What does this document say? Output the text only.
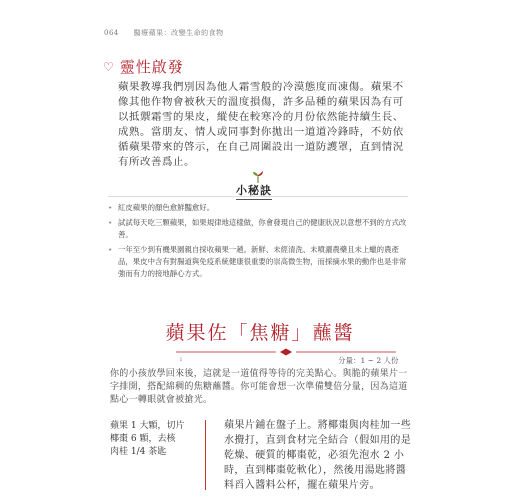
064 醫療蘋果：改變生命的食物
♡ 靈性啟發
蘋果教導我們別因為他人霜雪般的冷漠態度而凍傷。蘋果不像其他作物會被秋天的溫度損傷，許多品種的蘋果因為有可以抵禦霜雪的果皮，縱使在較寒冷的月份依然能持續生長、成熟。當朋友、情人或同事對你拋出一道道冷鋒時，不妨依循蘋果帶來的啓示，在自己周圍設出一道防護罩，直到情況有所改善爲止。
小秘訣
• 紅皮蘋果的顏色愈鮮豔愈好。
• 試試每天吃三顆蘋果，如果規律地這樣做，你會發現自己的健康狀況以意想不到的方式改善。
• 一年至少到有機果園親自採收蘋果一趟。新鮮、未經清洗、未噴灑農藥且未上蠟的農產品，果皮中含有對腸道與免疫系統健康很重要的崇高微生物，而採摘水果的動作也是非常強而有力的接地靜心方式。
蘋果佐「焦糖」蘸醬
ı	分量：1 ~ 2 人份
你的小孩放學回來後，這就是一道值得等待的完美點心。與脆的蘋果片一字排開，搭配綿稠的焦糖蘸醬。你可能會想一次準備雙倍分量，因為這道點心一轉眼就會被搶光。
蘋果 1 大顆，切片
椰棗 6 顆，去核
肉桂 1/4 茶匙
蘋果片鋪在盤子上。將椰棗與肉桂加一些水攪打，直到食材完全結合（假如用的是乾燥、硬質的椰棗乾，必須先泡水 2 小時，直到椰棗乾軟化），然後用湯匙將醬料舀入醬料公杯，擺在蘋果片旁。
